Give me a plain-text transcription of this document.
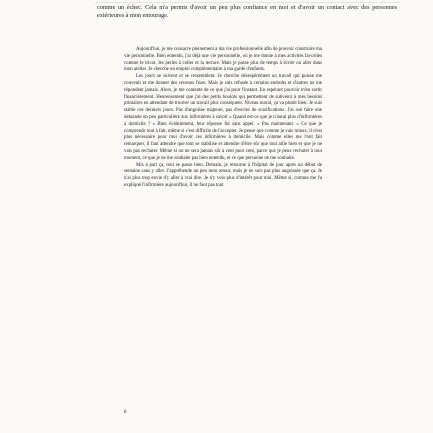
comme un échec. Cela m'a permis d'avoir un peu plus confiance en moi et d'avoir un contact avec des personnes extérieures à mon entourage.

Aujourd'hui, je me consacre pleinement à ma vie professionnelle afin de pouvoir construire ma vie personnelle. Bien entendu, j'ai déjà une vie personnelle, où je me donne à mes activités favorites comme le tricot, les perles à coller et la lecture. Mais je passe plus de temps à écrire ou aller dans mon atelier. Je cherche un emploi complémentaire à ma garde d'enfants.

Les jours se suivent et se ressemblent. Je cherche désespérément un travail qui puisse me convenir et me donner des revenus fixes. Mais je suis refusée à certains endroits et d'autres ne me répondent jamais. Alors, je me contente de ce que j'ai pour l'instant. En espérant pouvoir m'en sortir financièrement. Heureusement que j'ai des petits boulots qui permettent de subvenir à mes besoins primaires en attendant de trouver un travail plus conséquent. Niveau moral, ça va plutôt bien. Je suis stable ces derniers jours. Pas d'angoisse majeure, pas d'envies de scarifications. J'ai osé faire une demande un peu particulière aux infirmières à savoir « Quand est-ce que je n'aurai plus d'infirmières à domicile ? » Bien évidemment, leur réponse fut sans appel. « Pas maintenant. » Ce que je comprends tout à fait, même si c'est difficile de l'accepter. Je pense que comme je vais mieux, il n'est plus nécessaire pour moi d'avoir ces infirmières à domicile. Mais comme elles me l'ont fait remarquer, il faut attendre que tout se stabilise et attendre d'être sûr que tout aille bien et que je ne vais pas rechuter. Même si on ne sera jamais sûr à cent pour cent, parce que je peux rechuter à tout moment, ce que je ne me souhaite pas bien entendu, et ce que personne ne me souhaite.

Mis à part ça, tout se passe bien. Demain, je retourne à l'hôpital de jour après un début de semaine sans y aller. J'appréhende un peu mon retour, mais je ne suis pas plus angoissée que ça. Je n'ai plus trop envie d'y aller à vrai dire. Je n'y vois plus d'intérêt pour moi. Même si, comme me l'a expliqué l'infirmière aujourd'hui, il ne faut pas tout

8
